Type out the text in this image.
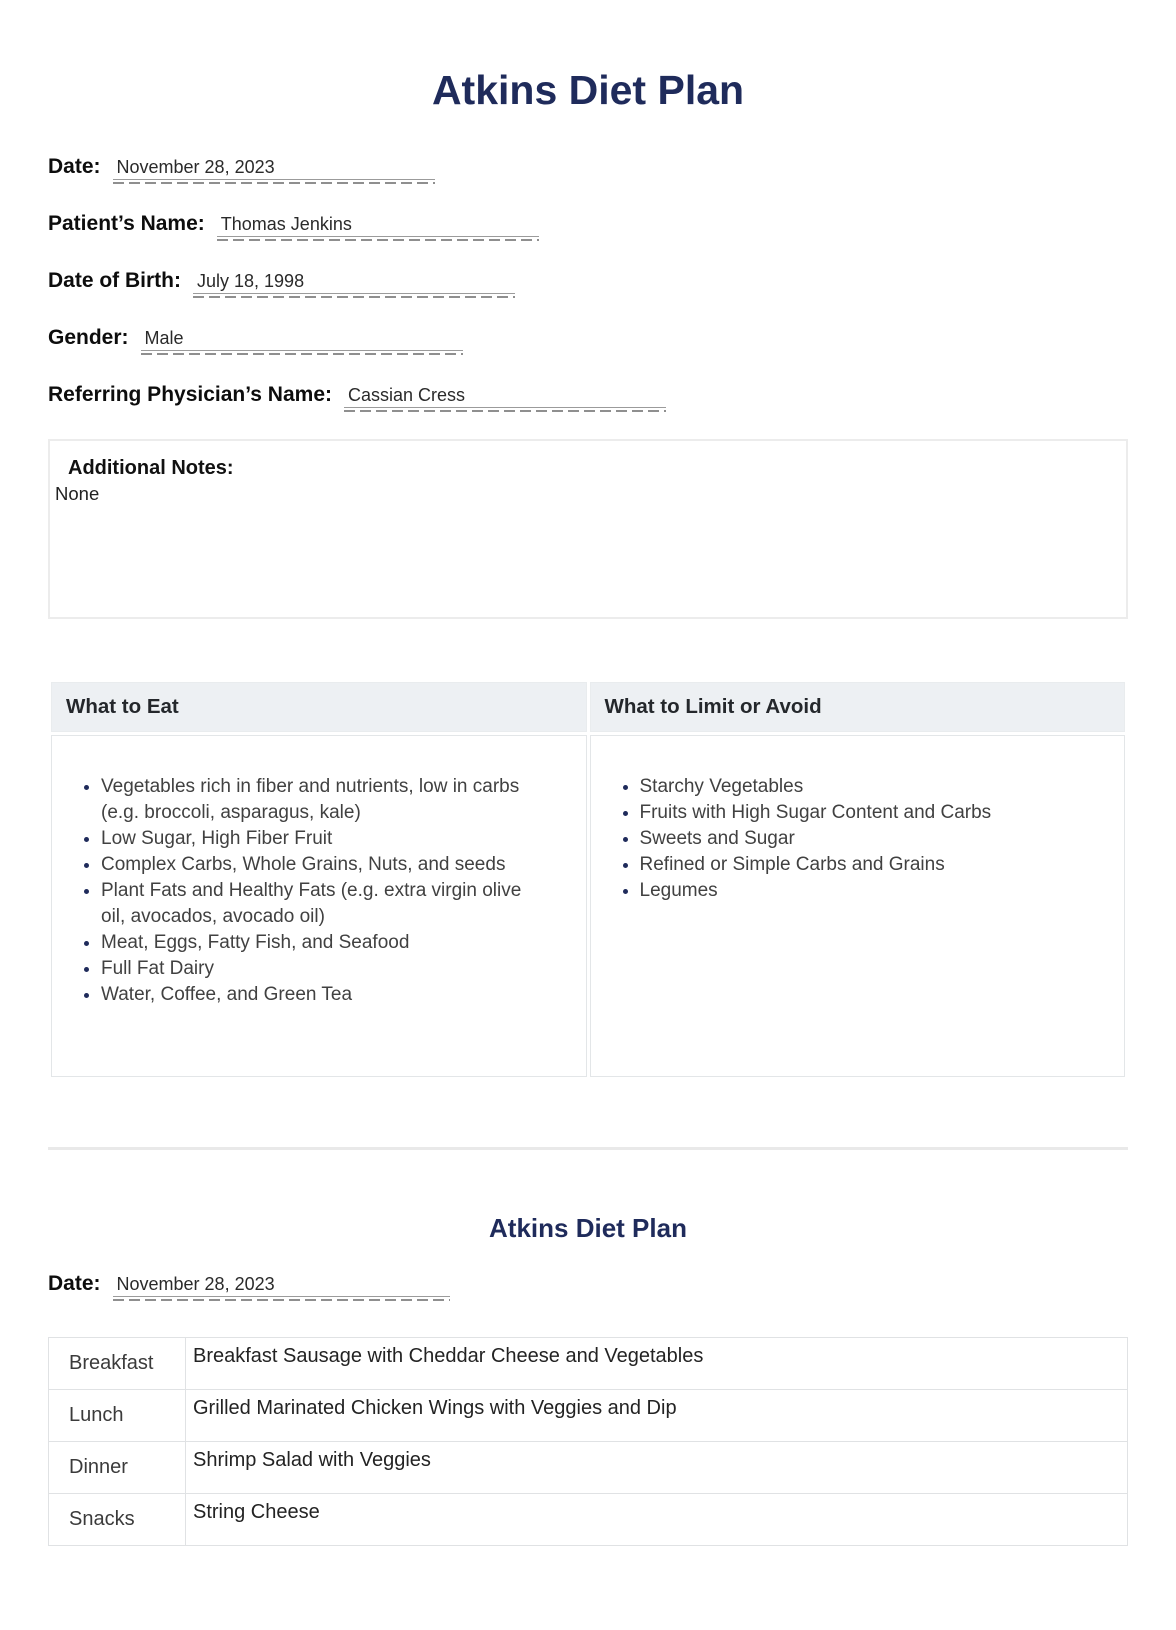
Atkins Diet Plan
Date: November 28, 2023
Patient’s Name: Thomas Jenkins
Date of Birth: July 18, 1998
Gender: Male
Referring Physician’s Name: Cassian Cress
Additional Notes:
None
What to Eat	What to Limit or Avoid

• Vegetables rich in fiber and nutrients, low in carbs (e.g. broccoli, asparagus, kale)
• Low Sugar, High Fiber Fruit
• Complex Carbs, Whole Grains, Nuts, and seeds
• Plant Fats and Healthy Fats (e.g. extra virgin olive oil, avocados, avocado oil)
• Meat, Eggs, Fatty Fish, and Seafood
• Full Fat Dairy
• Water, Coffee, and Green Tea

• Starchy Vegetables
• Fruits with High Sugar Content and Carbs
• Sweets and Sugar
• Refined or Simple Carbs and Grains
• Legumes
Atkins Diet Plan
Date: November 28, 2023
Breakfast	Breakfast Sausage with Cheddar Cheese and Vegetables
Lunch	Grilled Marinated Chicken Wings with Veggies and Dip
Dinner	Shrimp Salad with Veggies
Snacks	String Cheese
